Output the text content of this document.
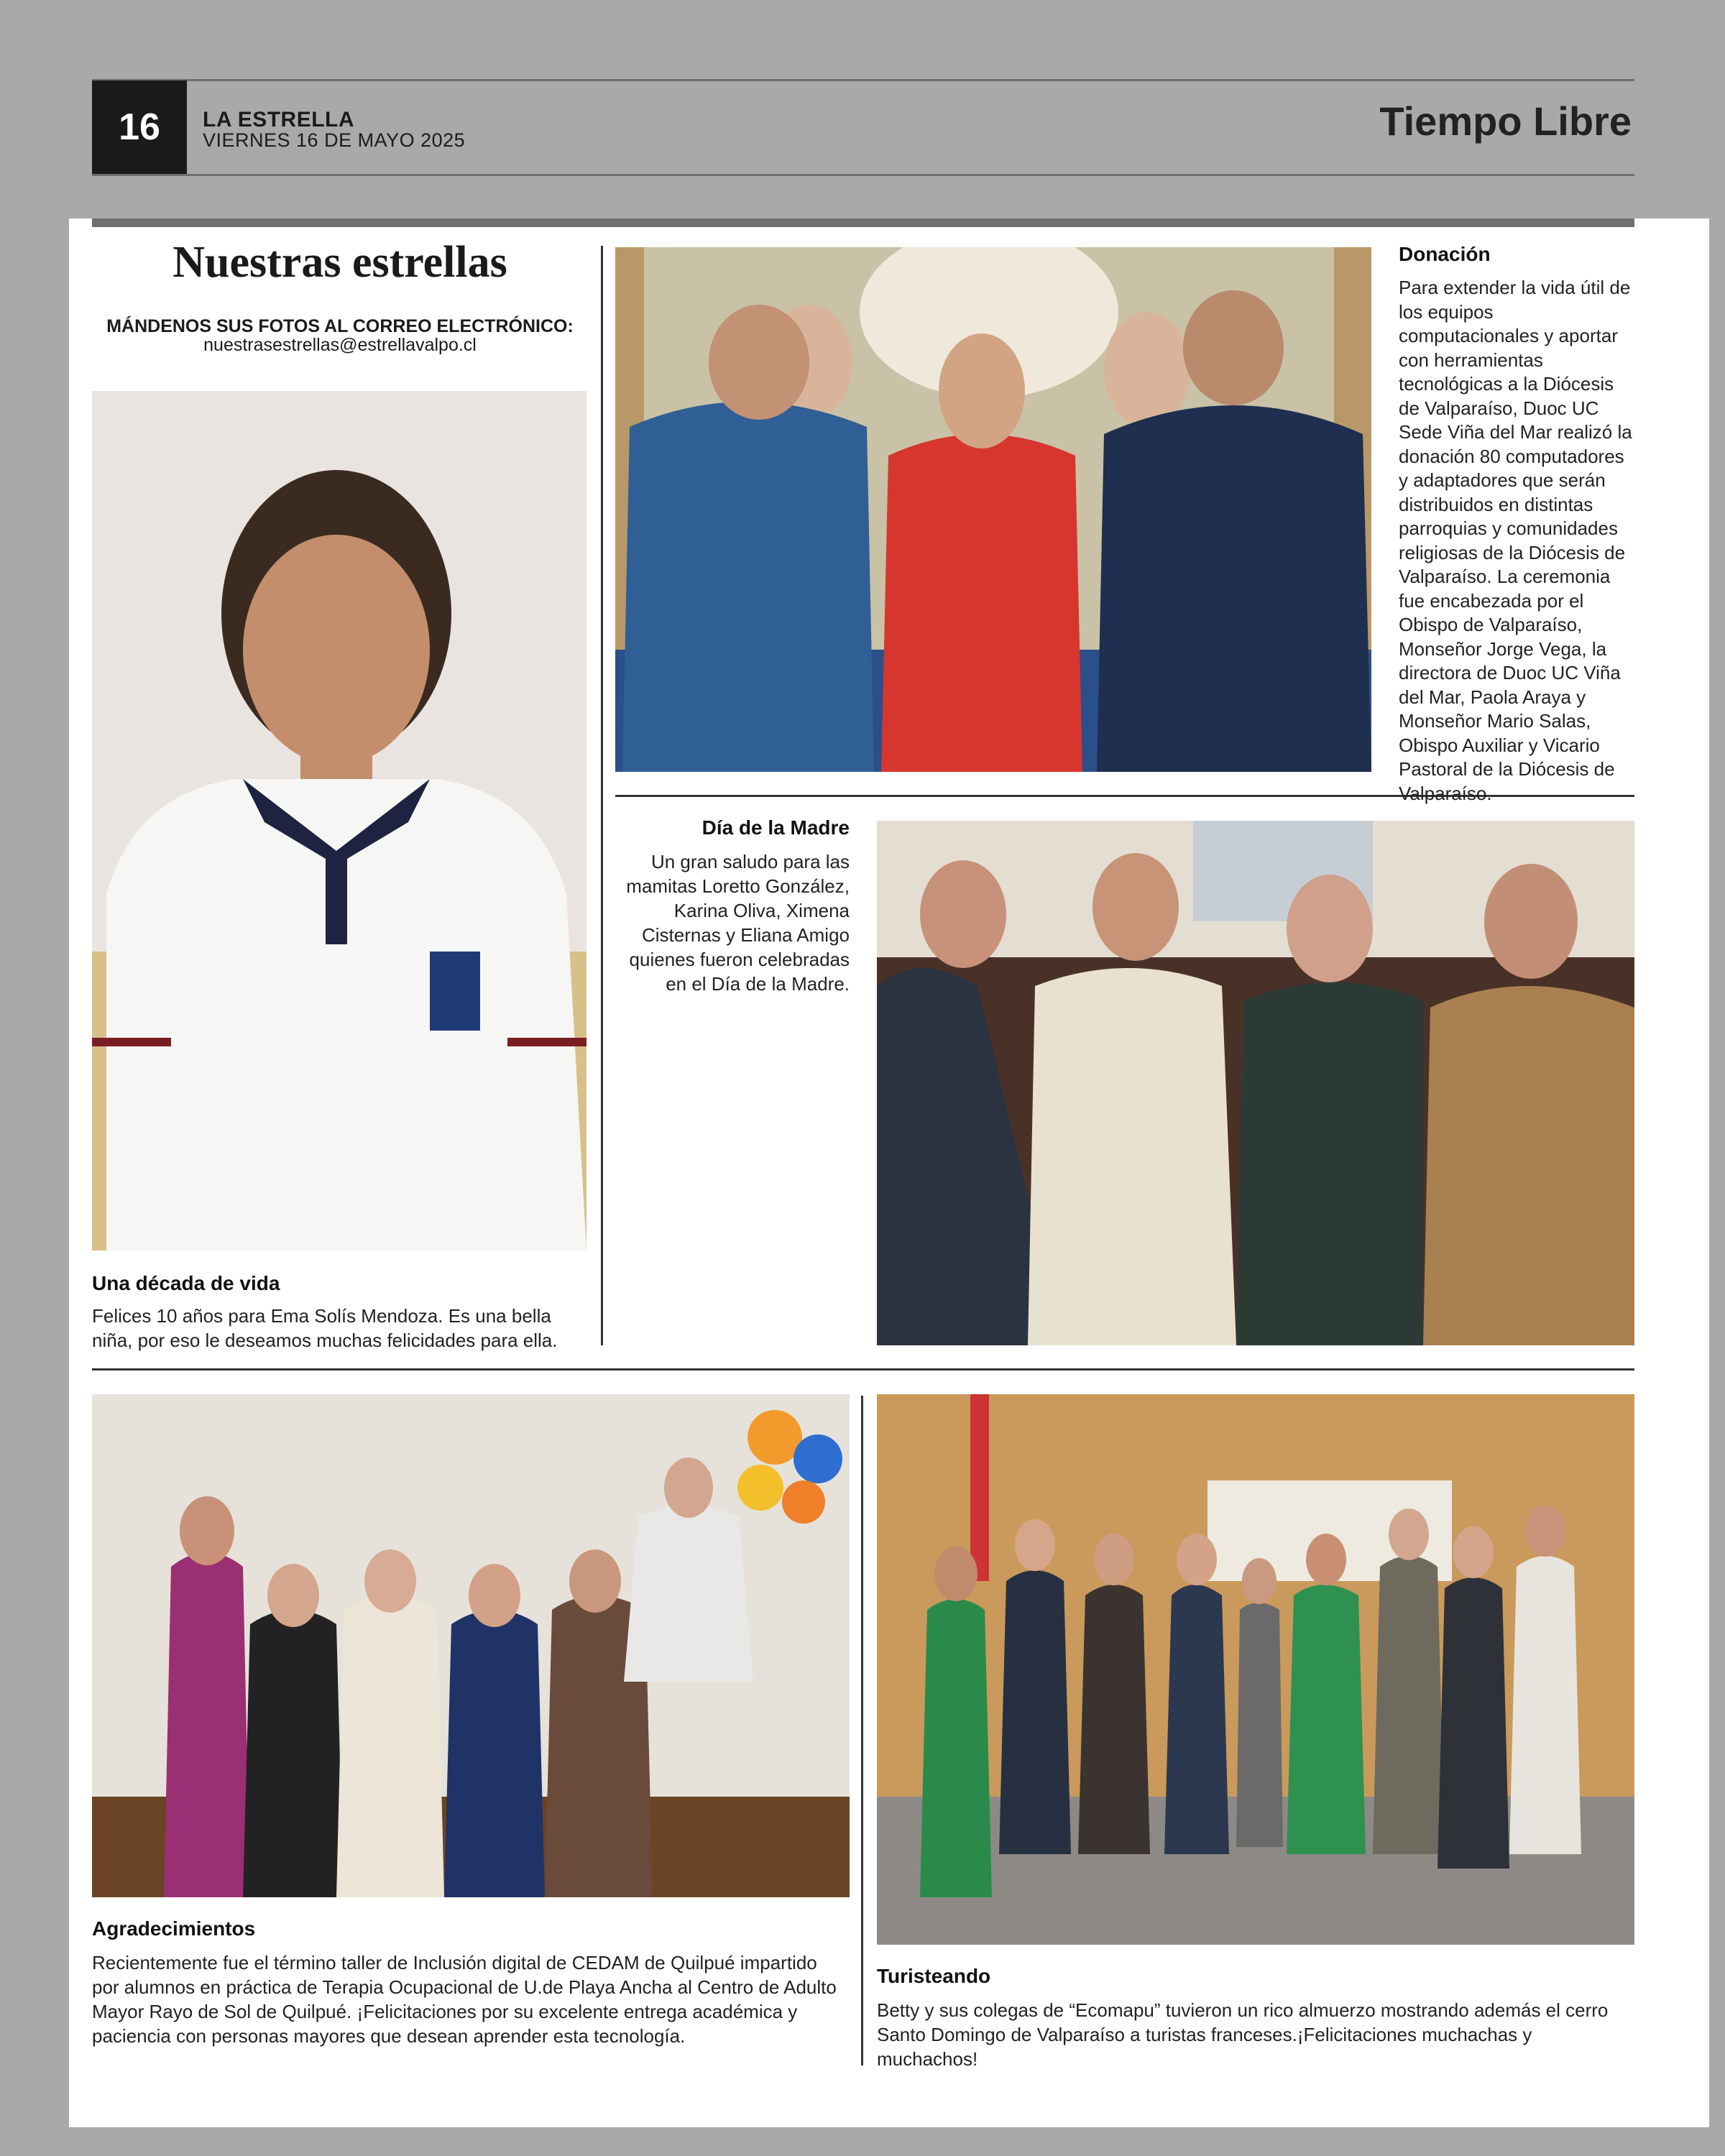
16	LA ESTRELLA
VIERNES 16 DE MAYO 2025	Tiempo Libre
Nuestras estrellas
MÁNDENOS SUS FOTOS AL CORREO ELECTRÓNICO:
nuestrasestrellas@estrellavalpo.cl
Una década de vida
Felices 10 años para Ema Solís Mendoza. Es una bella niña, por eso le deseamos muchas felicidades para ella.
Donación
Para extender la vida útil de los equipos computacionales y aportar con herramientas tecnológicas a la Diócesis de Valparaíso, Duoc UC Sede Viña del Mar realizó la donación 80 computadores y adaptadores que serán distribuidos en distintas parroquias y comunidades religiosas de la Diócesis de Valparaíso. La ceremonia fue encabezada por el Obispo de Valparaíso, Monseñor Jorge Vega, la directora de Duoc UC Viña del Mar, Paola Araya y Monseñor Mario Salas, Obispo Auxiliar y Vicario Pastoral de la Diócesis de Valparaíso.
Día de la Madre
Un gran saludo para las mamitas Loretto González, Karina Oliva, Ximena Cisternas y Eliana Amigo quienes fueron celebradas en el Día de la Madre.
Agradecimientos
Recientemente fue el término taller de Inclusión digital de CEDAM de Quilpué impartido por alumnos en práctica de Terapia Ocupacional de U.de Playa Ancha al Centro de Adulto Mayor Rayo de Sol de Quilpué. ¡Felicitaciones por su excelente entrega académica y paciencia con personas mayores que desean aprender esta tecnología.
Turisteando
Betty y sus colegas de “Ecomapu” tuvieron un rico almuerzo mostrando además el cerro Santo Domingo de Valparaíso a turistas franceses.¡Felicitaciones muchachas y muchachos!
